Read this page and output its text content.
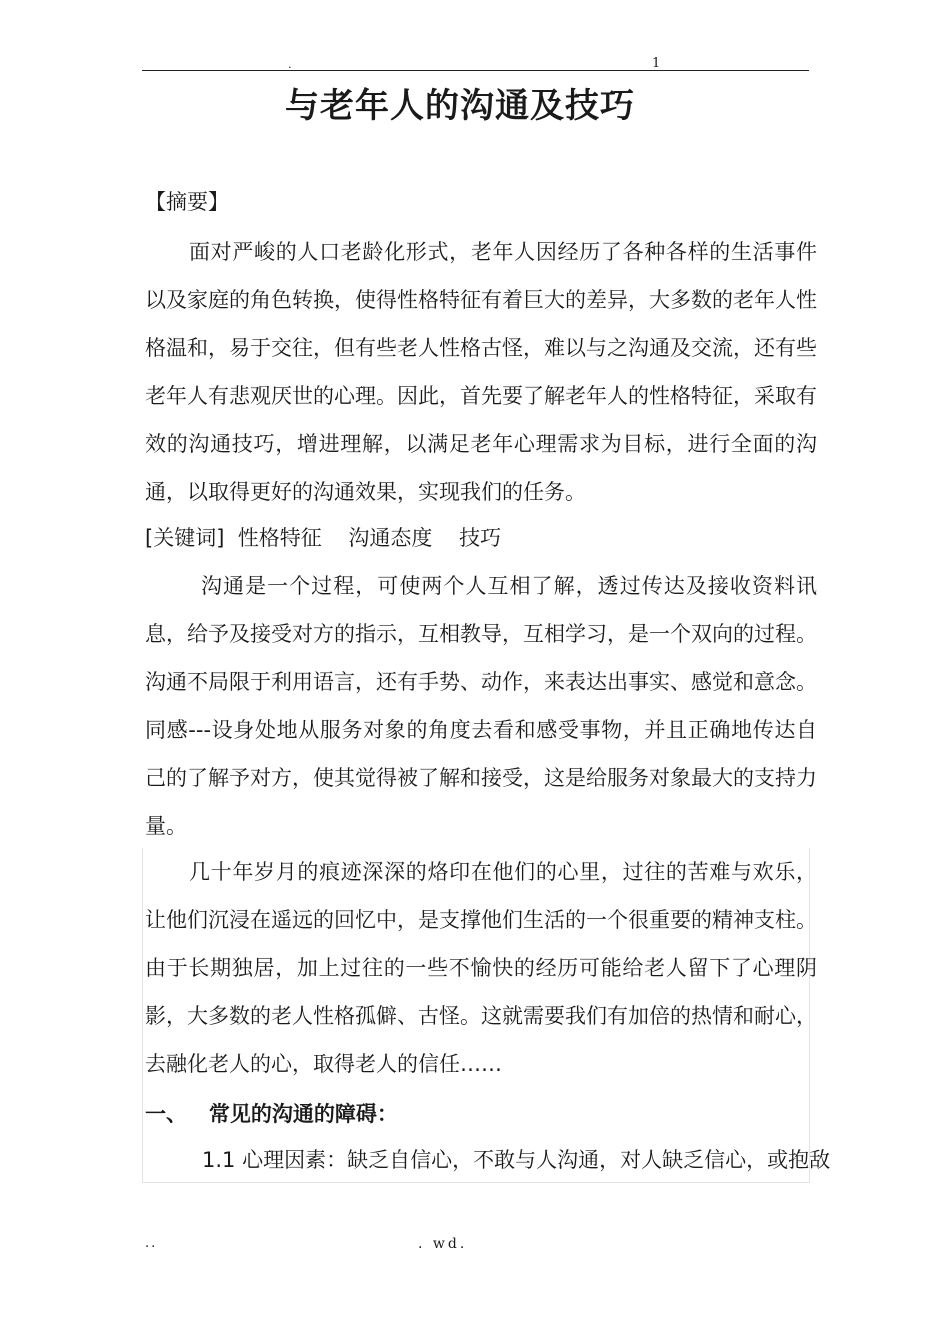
.	1
与老年人的沟通及技巧
【摘要】
面对严峻的人口老龄化形式，老年人因经历了各种各样的生活事件以及家庭的角色转换，使得性格特征有着巨大的差异，大多数的老年人性格温和，易于交往，但有些老人性格古怪，难以与之沟通及交流，还有些老年人有悲观厌世的心理。因此，首先要了解老年人的性格特征，采取有效的沟通技巧，增进理解，以满足老年心理需求为目标，进行全面的沟通，以取得更好的沟通效果，实现我们的任务。
[关键词]  性格特征    沟通态度    技巧
沟通是一个过程，可使两个人互相了解，透过传达及接收资料讯息，给予及接受对方的指示，互相教导，互相学习，是一个双向的过程。沟通不局限于利用语言，还有手势、动作，来表达出事实、感觉和意念。同感---设身处地从服务对象的角度去看和感受事物，并且正确地传达自己的了解予对方，使其觉得被了解和接受，这是给服务对象最大的支持力量。
几十年岁月的痕迹深深的烙印在他们的心里，过往的苦难与欢乐，让他们沉浸在遥远的回忆中，是支撑他们生活的一个很重要的精神支柱。由于长期独居，加上过往的一些不愉快的经历可能给老人留下了心理阴影，大多数的老人性格孤僻、古怪。这就需要我们有加倍的热情和耐心，去融化老人的心，取得老人的信任……
一、   常见的沟通的障碍：
1.1 心理因素：缺乏自信心，不敢与人沟通，对人缺乏信心，或抱敌
..	. wd.
